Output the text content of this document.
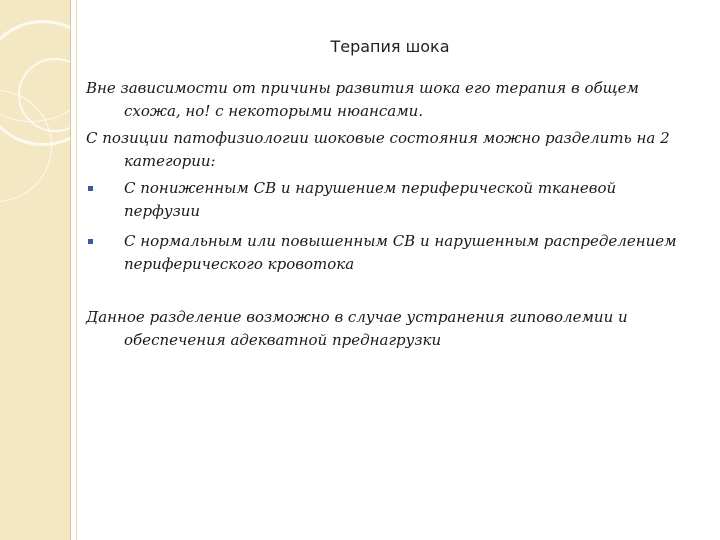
Терапия шока

Вне зависимости от причины развития шока его терапия в общем схожа, но! с некоторыми нюансами.

С позиции патофизиологии шоковые состояния можно разделить на 2 категории:

С пониженным СВ и нарушением периферической тканевой перфузии
С нормальным или повышенным СВ и нарушенным распределением периферического кровотока

Данное разделение возможно в случае устранения гиповолемии и обеспечения адекватной преднагрузки
